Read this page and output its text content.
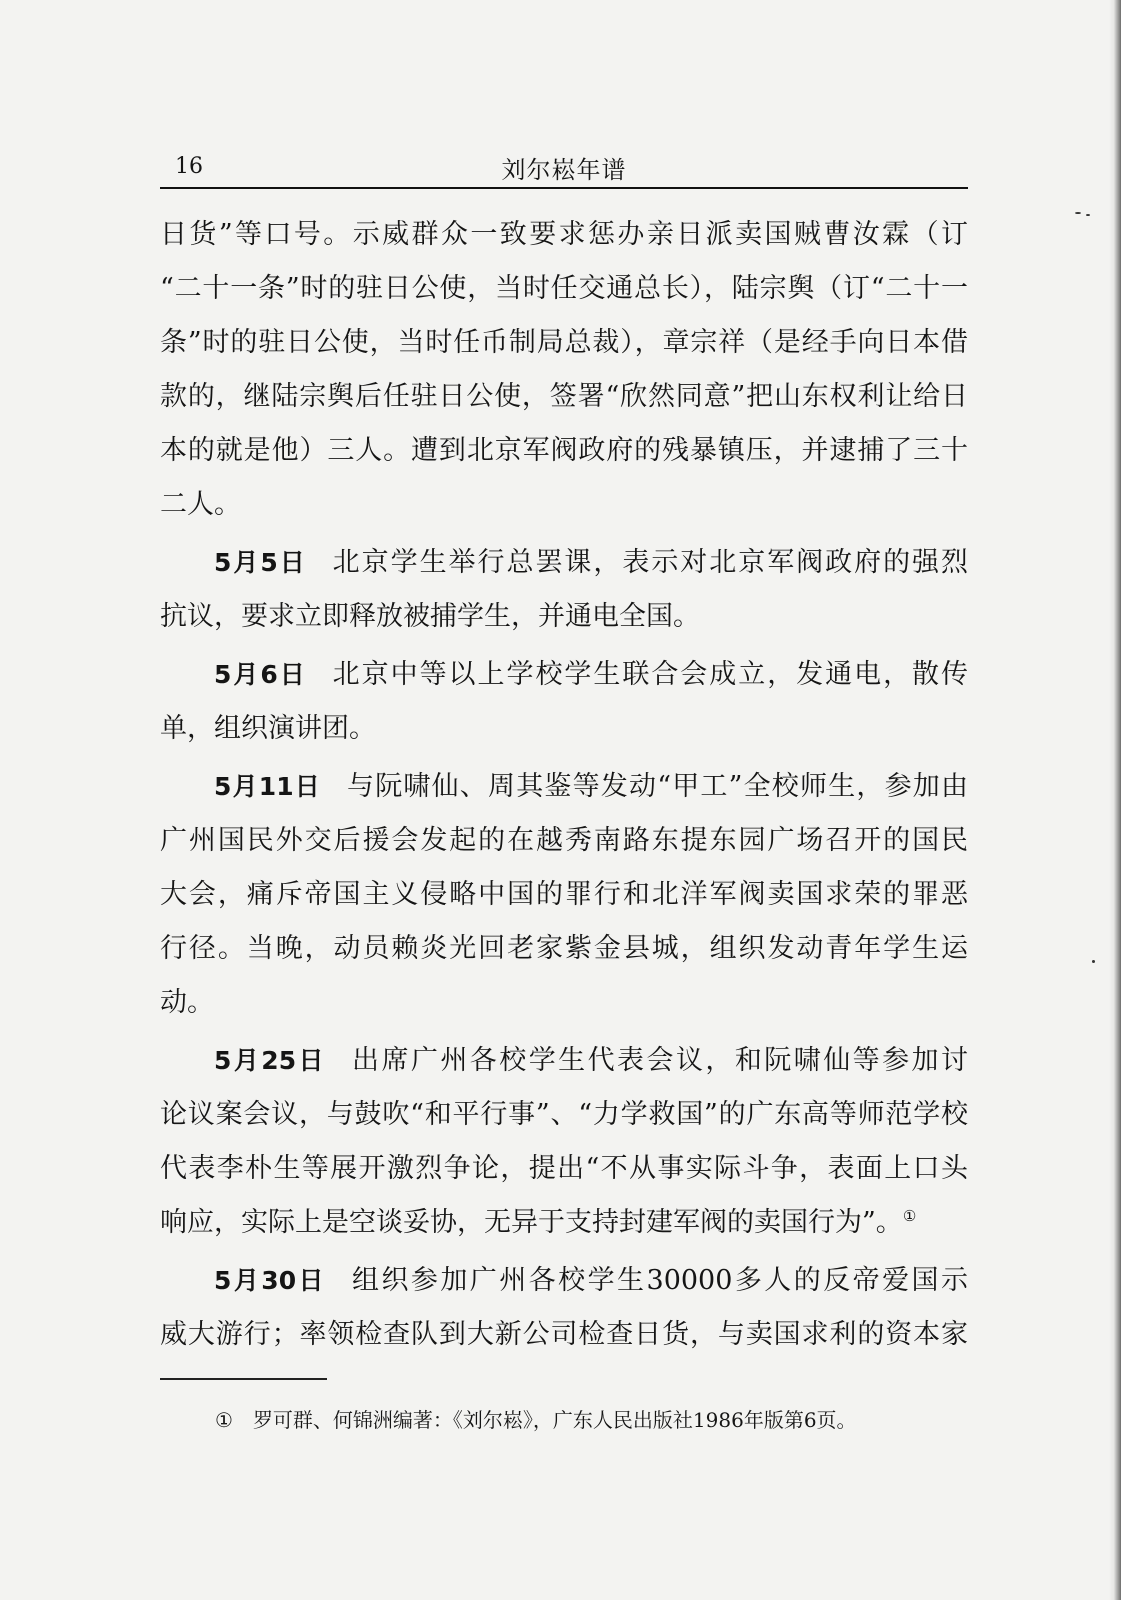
16	刘尔崧年谱
日货”等口号。示威群众一致要求惩办亲日派卖国贼曹汝霖（订
“二十一条”时的驻日公使，当时任交通总长），陆宗舆（订“二十一
条”时的驻日公使，当时任币制局总裁），章宗祥（是经手向日本借
款的，继陆宗舆后任驻日公使，签署“欣然同意”把山东权利让给日
本的就是他）三人。遭到北京军阀政府的残暴镇压，并逮捕了三十
二人。
5月5日 北京学生举行总罢课，表示对北京军阀政府的强烈
抗议，要求立即释放被捕学生，并通电全国。
5月6日 北京中等以上学校学生联合会成立，发通电，散传
单，组织演讲团。
5月11日 与阮啸仙、周其鉴等发动“甲工”全校师生，参加由
广州国民外交后援会发起的在越秀南路东提东园广场召开的国民
大会，痛斥帝国主义侵略中国的罪行和北洋军阀卖国求荣的罪恶
行径。当晚，动员赖炎光回老家紫金县城，组织发动青年学生运
动。
5月25日 出席广州各校学生代表会议，和阮啸仙等参加讨
论议案会议，与鼓吹“和平行事”、“力学救国”的广东高等师范学校
代表李朴生等展开激烈争论，提出“不从事实际斗争，表面上口头
响应，实际上是空谈妥协，无异于支持封建军阀的卖国行为”。①
5月30日 组织参加广州各校学生30000多人的反帝爱国示
威大游行；率领检查队到大新公司检查日货，与卖国求利的资本家
① 罗可群、何锦洲编著：《刘尔崧》，广东人民出版社1986年版第6页。
